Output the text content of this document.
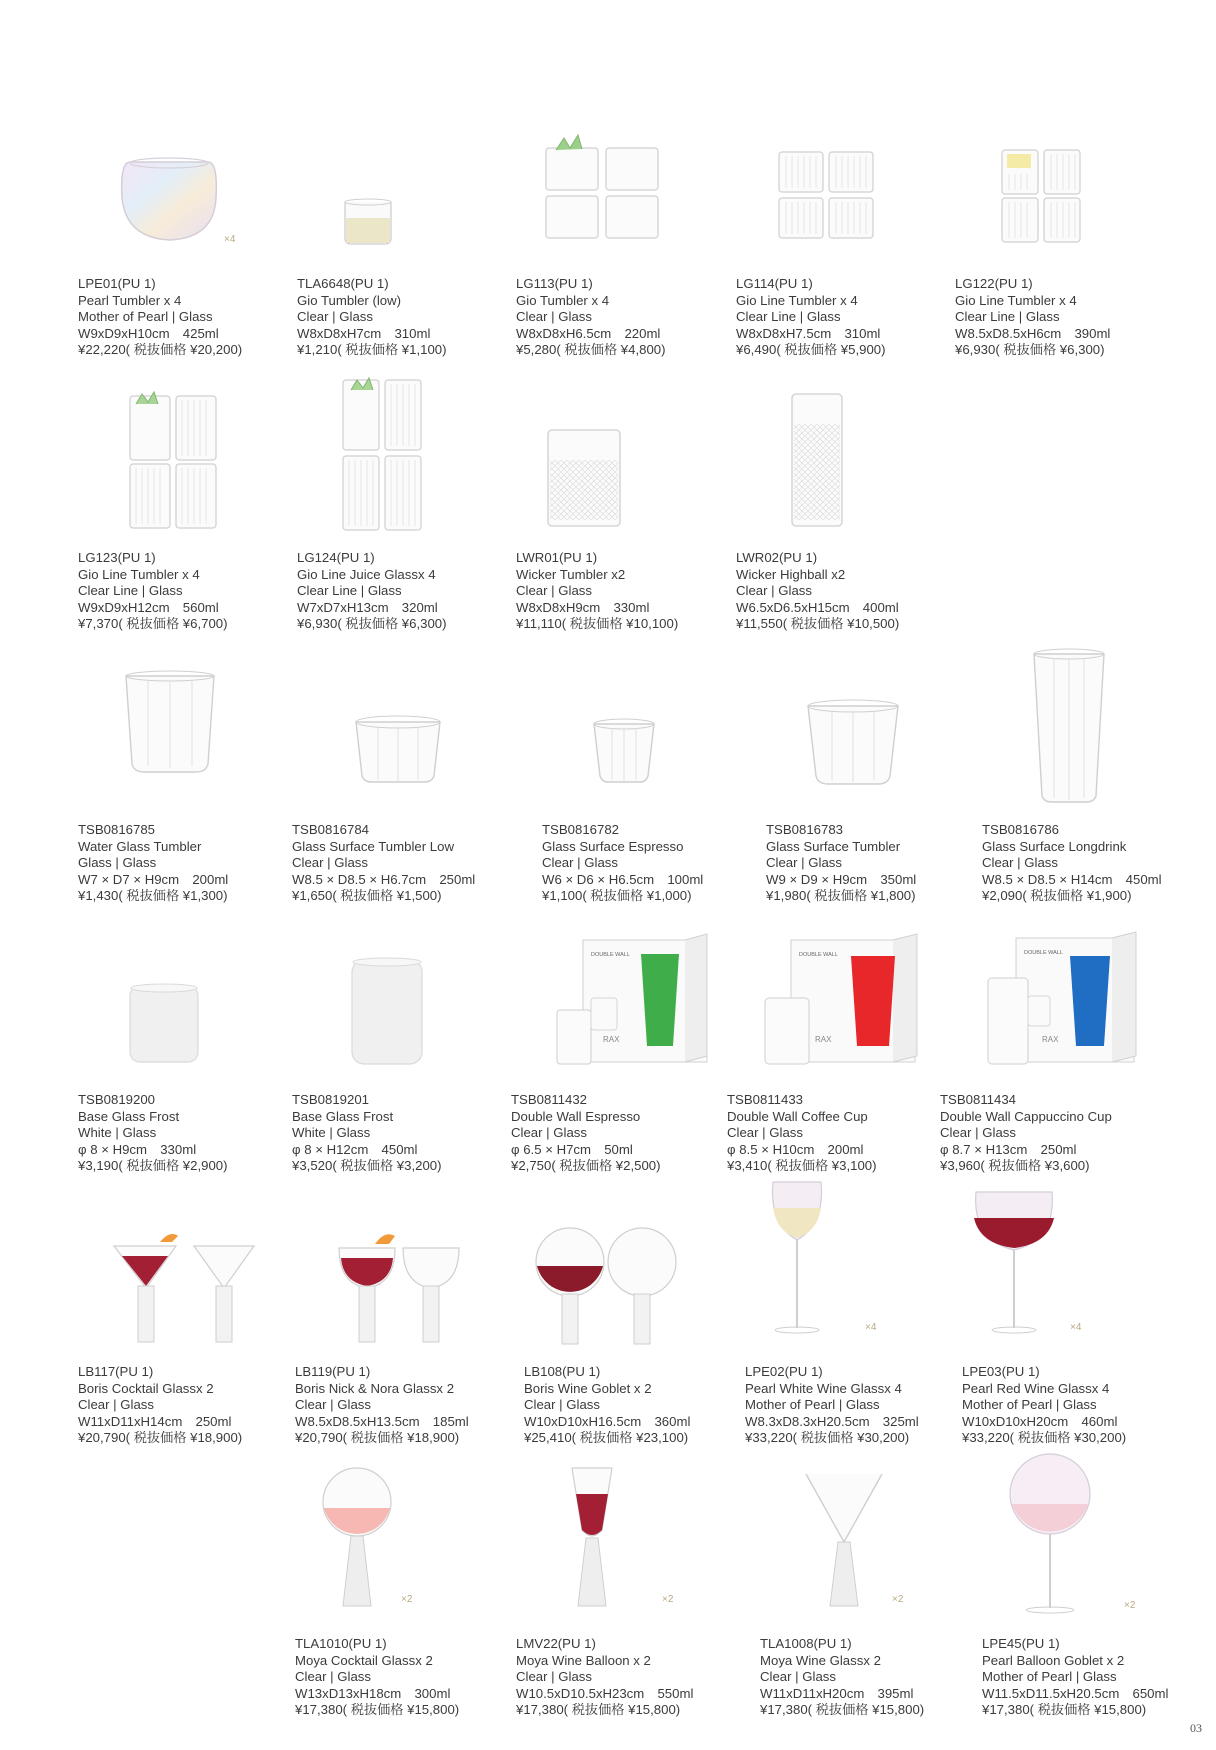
×4
LPE01(PU 1)
Pearl Tumbler x 4
Mother of Pearl | Glass
W9xD9xH10cm　425ml
¥22,220( 税抜価格 ¥20,200)
TLA6648(PU 1)
Gio Tumbler (low)
Clear | Glass
W8xD8xH7cm　310ml
¥1,210( 税抜価格 ¥1,100)
LG113(PU 1)
Gio Tumbler x 4
Clear | Glass
W8xD8xH6.5cm　220ml
¥5,280( 税抜価格 ¥4,800)
LG114(PU 1)
Gio Line Tumbler x 4
Clear Line | Glass
W8xD8xH7.5cm　310ml
¥6,490( 税抜価格 ¥5,900)
LG122(PU 1)
Gio Line Tumbler x 4
Clear Line | Glass
W8.5xD8.5xH6cm　390ml
¥6,930( 税抜価格 ¥6,300)
LG123(PU 1)
Gio Line Tumbler x 4
Clear Line | Glass
W9xD9xH12cm　560ml
¥7,370( 税抜価格 ¥6,700)
LG124(PU 1)
Gio Line Juice Glassx 4
Clear Line | Glass
W7xD7xH13cm　320ml
¥6,930( 税抜価格 ¥6,300)
LWR01(PU 1)
Wicker Tumbler x2
Clear | Glass
W8xD8xH9cm　330ml
¥11,110( 税抜価格 ¥10,100)
LWR02(PU 1)
Wicker Highball x2
Clear | Glass
W6.5xD6.5xH15cm　400ml
¥11,550( 税抜価格 ¥10,500)
TSB0816785
Water Glass Tumbler
Glass | Glass
W7 × D7 × H9cm　200ml
¥1,430( 税抜価格 ¥1,300)
TSB0816784
Glass Surface Tumbler Low
Clear | Glass
W8.5 × D8.5 × H6.7cm　250ml
¥1,650( 税抜価格 ¥1,500)
TSB0816782
Glass Surface Espresso
Clear | Glass
W6 × D6 × H6.5cm　100ml
¥1,100( 税抜価格 ¥1,000)
TSB0816783
Glass Surface Tumbler
Clear | Glass
W9 × D9 × H9cm　350ml
¥1,980( 税抜価格 ¥1,800)
TSB0816786
Glass Surface Longdrink
Clear | Glass
W8.5 × D8.5 × H14cm　450ml
¥2,090( 税抜価格 ¥1,900)
TSB0819200
Base Glass Frost
White | Glass
φ 8 × H9cm　330ml
¥3,190( 税抜価格 ¥2,900)
TSB0819201
Base Glass Frost
White | Glass
φ 8 × H12cm　450ml
¥3,520( 税抜価格 ¥3,200)
DOUBLE WALL
RAX
TSB0811432
Double Wall Espresso
Clear | Glass
φ 6.5 × H7cm　50ml
¥2,750( 税抜価格 ¥2,500)
DOUBLE WALL
RAX
TSB0811433
Double Wall Coffee Cup
Clear | Glass
φ 8.5 × H10cm　200ml
¥3,410( 税抜価格 ¥3,100)
DOUBLE WALL
RAX
TSB0811434
Double Wall Cappuccino Cup
Clear | Glass
φ 8.7 × H13cm　250ml
¥3,960( 税抜価格 ¥3,600)
LB117(PU 1)
Boris Cocktail Glassx 2
Clear | Glass
W11xD11xH14cm　250ml
¥20,790( 税抜価格 ¥18,900)
LB119(PU 1)
Boris Nick & Nora Glassx 2
Clear | Glass
W8.5xD8.5xH13.5cm　185ml
¥20,790( 税抜価格 ¥18,900)
LB108(PU 1)
Boris Wine Goblet x 2
Clear | Glass
W10xD10xH16.5cm　360ml
¥25,410( 税抜価格 ¥23,100)
×4
LPE02(PU 1)
Pearl White Wine Glassx 4
Mother of Pearl | Glass
W8.3xD8.3xH20.5cm　325ml
¥33,220( 税抜価格 ¥30,200)
×4
LPE03(PU 1)
Pearl Red Wine Glassx 4
Mother of Pearl | Glass
W10xD10xH20cm　460ml
¥33,220( 税抜価格 ¥30,200)
×2
TLA1010(PU 1)
Moya Cocktail Glassx 2
Clear | Glass
W13xD13xH18cm　300ml
¥17,380( 税抜価格 ¥15,800)
×2
LMV22(PU 1)
Moya Wine Balloon x 2
Clear | Glass
W10.5xD10.5xH23cm　550ml
¥17,380( 税抜価格 ¥15,800)
×2
TLA1008(PU 1)
Moya Wine Glassx 2
Clear | Glass
W11xD11xH20cm　395ml
¥17,380( 税抜価格 ¥15,800)
×2
LPE45(PU 1)
Pearl Balloon Goblet x 2
Mother of Pearl | Glass
W11.5xD11.5xH20.5cm　650ml
¥17,380( 税抜価格 ¥15,800)
03
